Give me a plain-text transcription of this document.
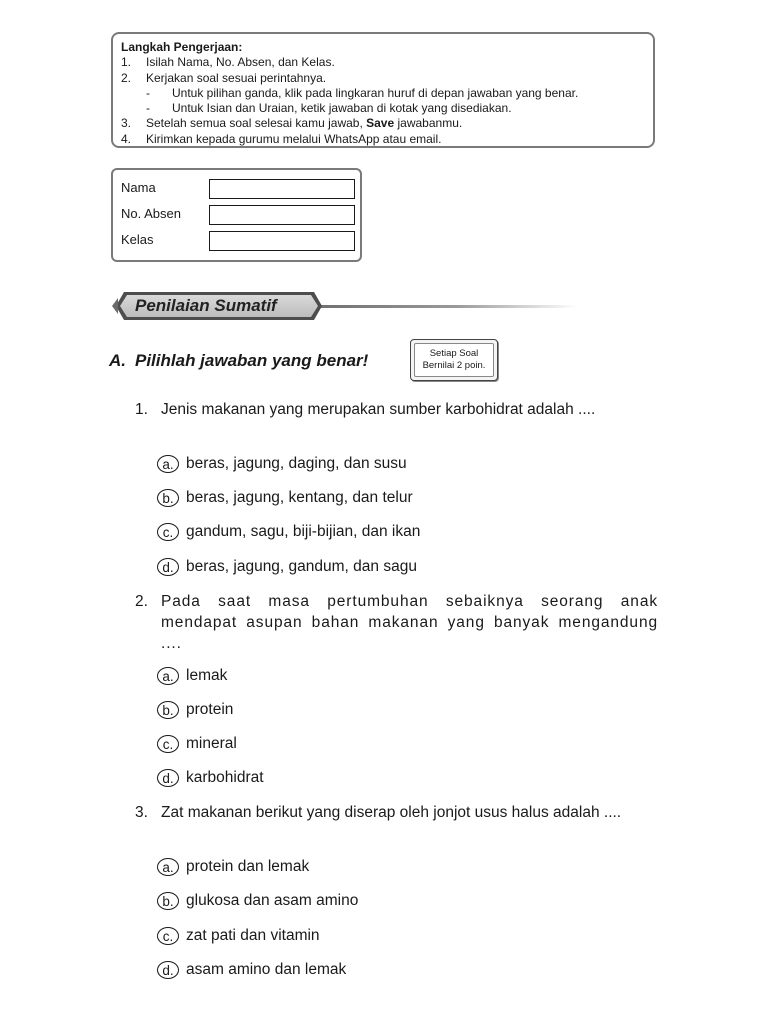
Langkah Pengerjaan:
1.	Isilah Nama, No. Absen, dan Kelas.
2.	Kerjakan soal sesuai perintahnya.
-	Untuk pilihan ganda, klik pada lingkaran huruf di depan jawaban yang benar.
-	Untuk Isian dan Uraian, ketik jawaban di kotak yang disediakan.
3.	Setelah semua soal selesai kamu jawab, Save jawabanmu.
4.	Kirimkan kepada gurumu melalui WhatsApp atau email.
Nama
No. Absen
Kelas
Penilaian Sumatif
A. Pilihlah jawaban yang benar!	Setiap Soal
Bernilai 2 poin.
1. Jenis makanan yang merupakan sumber karbohidrat adalah ....
a. beras, jagung, daging, dan susu
b. beras, jagung, kentang, dan telur
c. gandum, sagu, biji-bijian, dan ikan
d. beras, jagung, gandum, dan sagu
2. Pada saat masa pertumbuhan sebaiknya seorang anak mendapat asupan bahan makanan yang banyak mengandung ....
a. lemak
b. protein
c. mineral
d. karbohidrat
3. Zat makanan berikut yang diserap oleh jonjot usus halus adalah ....
a. protein dan lemak
b. glukosa dan asam amino
c. zat pati dan vitamin
d. asam amino dan lemak
